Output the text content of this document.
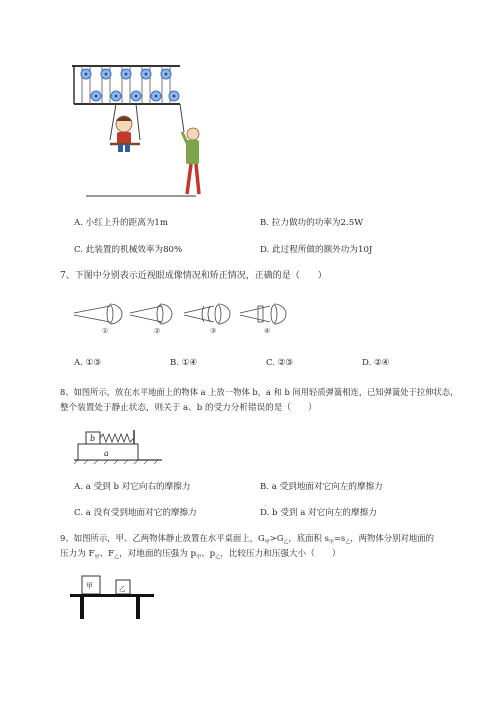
A. 小红上升的距离为1m	B. 拉力做功的功率为2.5W
C. 此装置的机械效率为80%	D. 此过程所做的额外功为10J
7、下图中分别表示近视眼成像情况和矫正情况，正确的是（　　）
①	②	③	④
A. ①③	B. ①④	C. ②③	D. ②④
8、如图所示，放在水平地面上的物体 a 上放一物体 b，a 和 b 间用轻质弹簧相连，已知弹簧处于拉伸状态，
整个装置处于静止状态，则关于 a、b 的受力分析错误的是（　　）
b
a
A. a 受到 b 对它向右的摩擦力	B. a 受到地面对它向左的摩擦力
C. a 没有受到地面对它的摩擦力	D. b 受到 a 对它向左的摩擦力
9、如图所示，甲、乙两物体静止放置在水平桌面上，$G_甲>G_乙$，底面积 $s_甲=s_乙$，两物体分别对地面的
压力为 $F_甲$、$F_乙$，对地面的压强为 $p_甲$、$p_乙$，比较压力和压强大小（　　）
甲	乙
